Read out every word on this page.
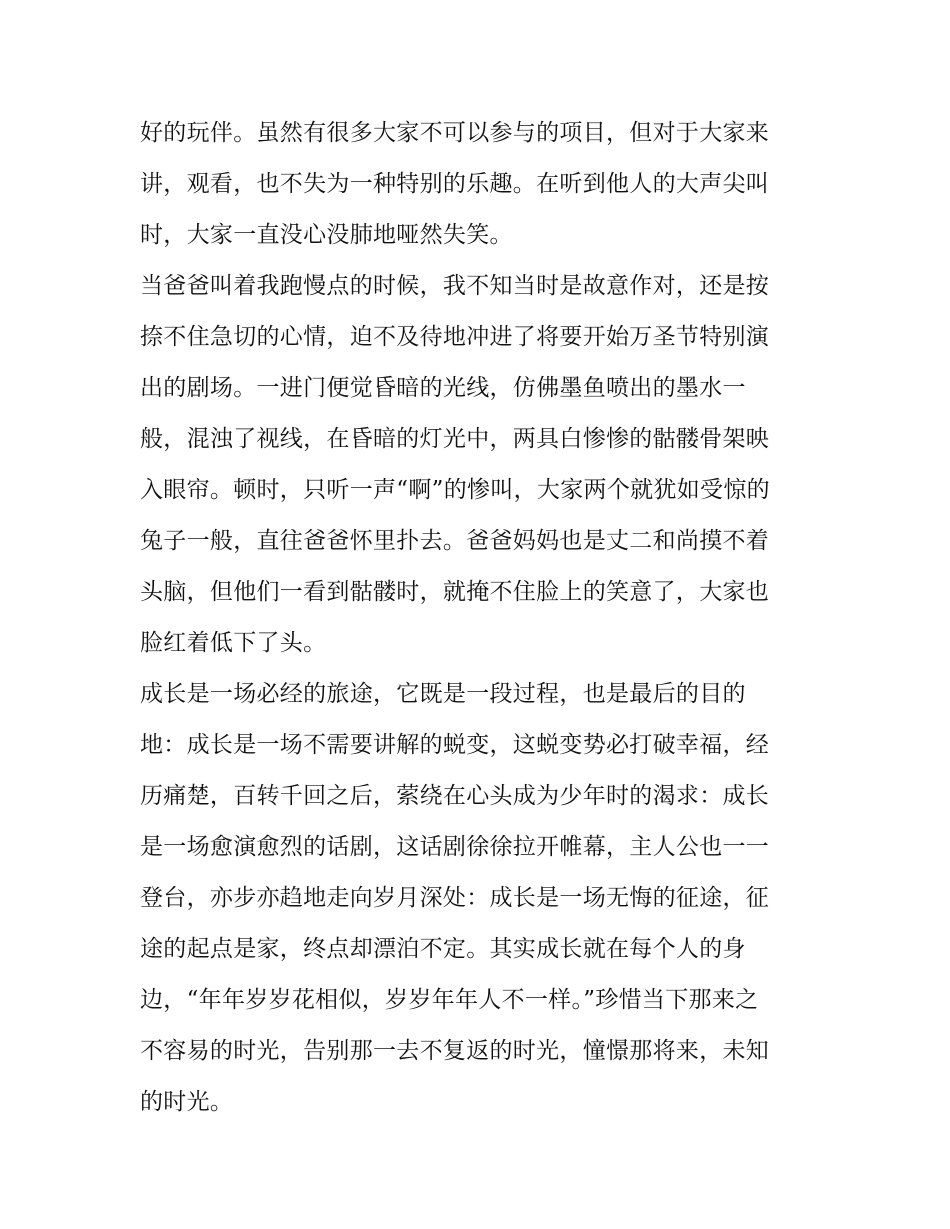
好的玩伴。虽然有很多大家不可以参与的项目，但对于大家来
讲，观看，也不失为一种特别的乐趣。在听到他人的大声尖叫
时，大家一直没心没肺地哑然失笑。
当爸爸叫着我跑慢点的时候，我不知当时是故意作对，还是按
捺不住急切的心情，迫不及待地冲进了将要开始万圣节特别演
出的剧场。一进门便觉昏暗的光线，仿佛墨鱼喷出的墨水一
般，混浊了视线，在昏暗的灯光中，两具白惨惨的骷髅骨架映
入眼帘。顿时，只听一声“啊”的惨叫，大家两个就犹如受惊的
兔子一般，直往爸爸怀里扑去。爸爸妈妈也是丈二和尚摸不着
头脑，但他们一看到骷髅时，就掩不住脸上的笑意了，大家也
脸红着低下了头。
成长是一场必经的旅途，它既是一段过程，也是最后的目的
地：成长是一场不需要讲解的蜕变，这蜕变势必打破幸福，经
历痛楚，百转千回之后，萦绕在心头成为少年时的渴求：成长
是一场愈演愈烈的话剧，这话剧徐徐拉开帷幕，主人公也一一
登台，亦步亦趋地走向岁月深处：成长是一场无悔的征途，征
途的起点是家，终点却漂泊不定。其实成长就在每个人的身
边，“年年岁岁花相似，岁岁年年人不一样。”珍惜当下那来之
不容易的时光，告别那一去不复返的时光，憧憬那将来，未知
的时光。
